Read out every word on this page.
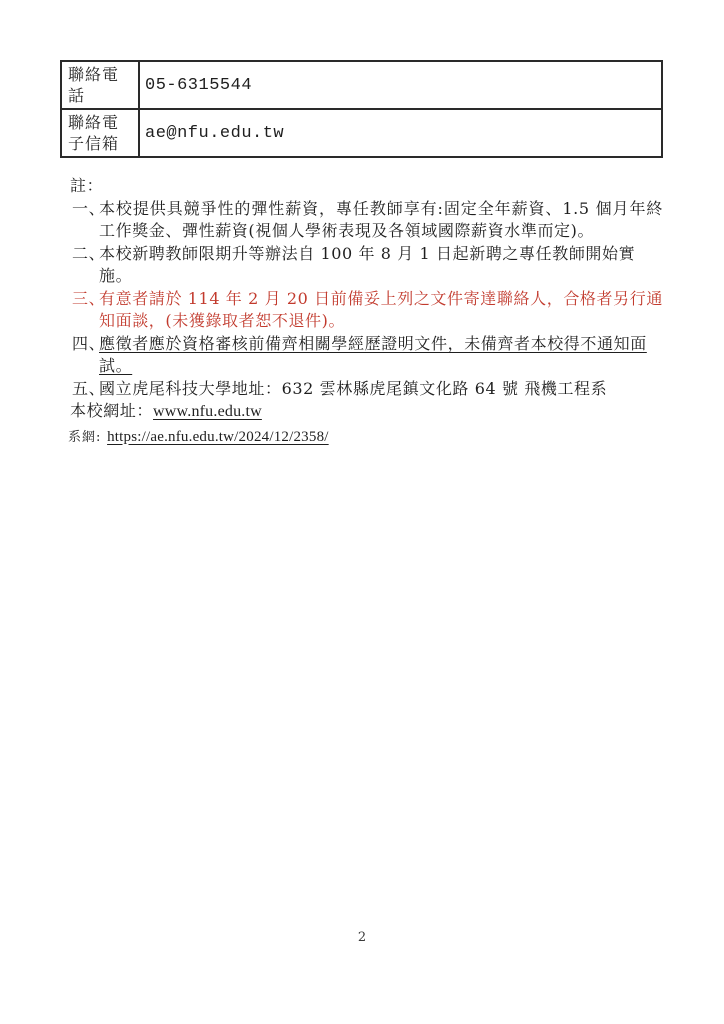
聯絡電話	05-6315544
聯絡電子信箱	ae@nfu.edu.tw
註：
一、
本校提供具競爭性的彈性薪資，專任教師享有:固定全年薪資、1.5 個月年終工作獎金、彈性薪資(視個人學術表現及各領域國際薪資水準而定)。
二、
本校新聘教師限期升等辦法自 100 年 8 月 1 日起新聘之專任教師開始實施。
三、
有意者請於 114 年 2 月 20 日前備妥上列之文件寄達聯絡人，合格者另行通知面談，(未獲錄取者恕不退件)。
四、
應徵者應於資格審核前備齊相關學經歷證明文件，未備齊者本校得不通知面試。
五、
國立虎尾科技大學地址：632 雲林縣虎尾鎮文化路 64 號 飛機工程系
本校網址：www.nfu.edu.tw
系網: https://ae.nfu.edu.tw/2024/12/2358/
2
